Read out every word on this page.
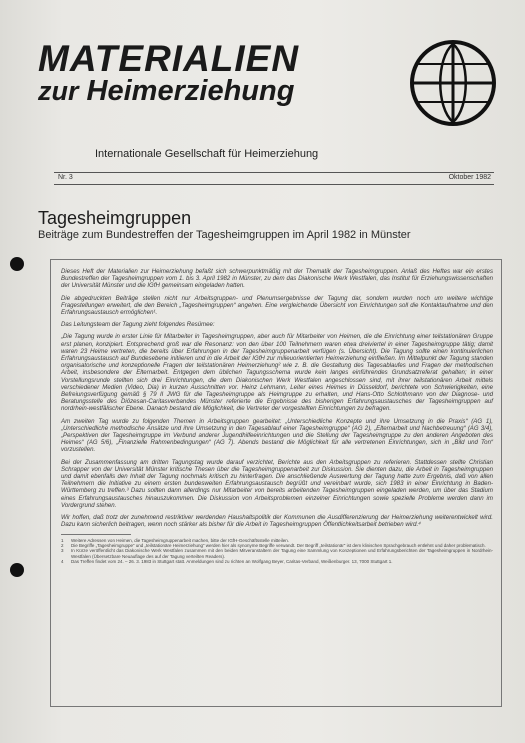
MATERIALIEN
zur Heimerziehung
Internationale Gesellschaft für Heimerziehung
Nr. 3	Oktober 1982
Tagesheimgruppen
Beiträge zum Bundestreffen der Tagesheimgruppen im April 1982 in Münster

Dieses Heft der Materialien zur Heimerziehung befaßt sich schwerpunktmäßig mit der Thematik der Tagesheimgruppen. Anlaß des Heftes war ein erstes Bundestreffen der Tagesheimgruppen vom 1. bis 3. April 1982 in Münster, zu dem das Diakonische Werk Westfalen, das Institut für Erziehungswissenschaften der Universität Münster und die IGfH gemeinsam eingeladen hatten.

Die abgedruckten Beiträge stellen nicht nur Arbeitsgruppen- und Plenumsergebnisse der Tagung dar, sondern wurden noch um weitere wichtige Fragestellungen erweitert, die den Bereich „Tagesheimgruppen“ angehen. Eine vergleichende Übersicht von Einrichtungen soll die Kontaktaufnahme und den Erfahrungsaustausch ermöglichen¹.

Das Leitungsteam der Tagung zieht folgendes Resümee:

„Die Tagung wurde in erster Linie für Mitarbeiter in Tagesheimgruppen, aber auch für Mitarbeiter von Heimen, die die Einrichtung einer teilstationären Gruppe erst planen, konzipiert. Entsprechend groß war die Resonanz: von den über 100 Teilnehmern waren etwa dreiviertel in einer Tagesheimgruppe tätig; damit waren 23 Heime vertreten, die bereits über Erfahrungen in der Tagesheimgruppenarbeit verfügen (s. Übersicht). Die Tagung sollte einen kontinuierlichen Erfahrungsaustausch auf Bundesebene initiieren und in die Arbeit der IGfH zur milieuorientierten Heimerziehung einfließen. Im Mittelpunkt der Tagung standen organisatorische und konzeptionelle Fragen der teilstationären Heimerziehung² wie z. B. die Gestaltung des Tagesablaufes und Fragen der methodischen Arbeit, insbesondere der Elternarbeit. Entgegen dem üblichen Tagungsschema wurde kein langes einführendes Grundsatzreferat gehalten; in einer Vorstellungsrunde stellten sich drei Einrichtungen, die dem Diakonischen Werk Westfalen angeschlossen sind, mit ihrer teilstationären Arbeit mittels verschiedener Medien (Video, Dia) in kurzen Ausschnitten vor. Heinz Lehmann, Leiter eines Heimes in Düsseldorf, berichtete von Schwierigkeiten, eine Befreiungsverfügung gemäß § 79 II JWG für die Tagesheimgruppe als Heimgruppe zu erhalten, und Hans-Otto Schlothmann von der Diagnose- und Beratungsstelle des Diözesan-Caritasverbandes Münster referierte die Ergebnisse des bisherigen Erfahrungsaustausches der Tagesheimgruppen auf nordrhein-westfälischer Ebene. Danach bestand die Möglichkeit, die Vertreter der vorgestellten Einrichtungen zu befragen.

Am zweiten Tag wurde zu folgenden Themen in Arbeitsgruppen gearbeitet: „Unterschiedliche Konzepte und ihre Umsetzung in die Praxis“ (AG 1), „Unterschiedliche methodische Ansätze und ihre Umsetzung in den Tagesablauf einer Tagesheimgruppe“ (AG 2), „Elternarbeit und Nachbetreuung“ (AG 3/4), „Perspektiven der Tagesheimgruppe im Verbund anderer Jugendhilfeeinrichtungen und die Stellung der Tagesheimgruppe zu den anderen Angeboten des Heimes“ (AG 5/6), „Finanzielle Rahmenbedingungen“ (AG 7). Abends bestand die Möglichkeit für alle vertretenen Einrichtungen, sich in „Bild und Ton“ vorzustellen.

Bei der Zusammenfassung am dritten Tagungstag wurde darauf verzichtet, Berichte aus den Arbeitsgruppen zu referieren. Stattdessen stellte Christian Schrapper von der Universität Münster kritische Thesen über die Tagesheimgruppenarbeit zur Diskussion. Sie dienten dazu, die Arbeit in Tagesheimgruppen und damit ebenfalls den Inhalt der Tagung nochmals kritisch zu hinterfragen. Die anschließende Auswertung der Tagung hatte zum Ergebnis, daß von allen Teilnehmern die Initiative zu einem ersten bundesweiten Erfahrungsaustausch begrüßt und vereinbart wurde, sich 1983 in einer Einrichtung in Baden-Württemberg zu treffen.³ Dazu sollten dann allerdings nur Mitarbeiter von bereits arbeitenden Tagesheimgruppen eingeladen werden, um über das Stadium eines Erfahrungsaustausches hinauszukommen. Die Diskussion von Arbeitsproblemen einzelner Einrichtungen sowie spezielle Probleme werden dann im Vordergrund stehen.

Wir hoffen, daß trotz der zunehmend restriktiver werdenden Haushaltspolitik der Kommunen die Ausdifferenzierung der Heimerziehung weiterentwickelt wird. Dazu kann sicherlich beitragen, wenn noch stärker als bisher für die Arbeit in Tagesheimgruppen Öffentlichkeitsarbeit betrieben wird.⁴

1	Weitere Adressen von Heimen, die Tagesheimgruppenarbeit machen, bitte der IGfH-Geschäftsstelle mitteilen.
2	Die Begriffe „Tagesheimgruppe“ und „teilstationäre Heimerziehung“ werden hier als synonyme Begriffe verwandt. Der Begriff „teilstationär“ ist dem klinischen Sprachgebrauch entlehnt und daher problematisch.
3	In Kürze veröffentlicht das Diakonische Werk Westfalen zusammen mit den beiden Mitveranstaltern der Tagung eine Sammlung von Konzeptionen und Erfahrungsberichten der Tagesheimgruppen in Nordrhein-Westfalen (Übersetzbare Neuauflage des auf der Tagung verteilten Readers).
4	Das Treffen findet vom 24. – 26. 3. 1983 in Stuttgart statt. Anmeldungen sind zu richten an Wolfgang Beyer, Caritas-Verband, Weißenburger. 13, 7000 Stuttgart 1.
